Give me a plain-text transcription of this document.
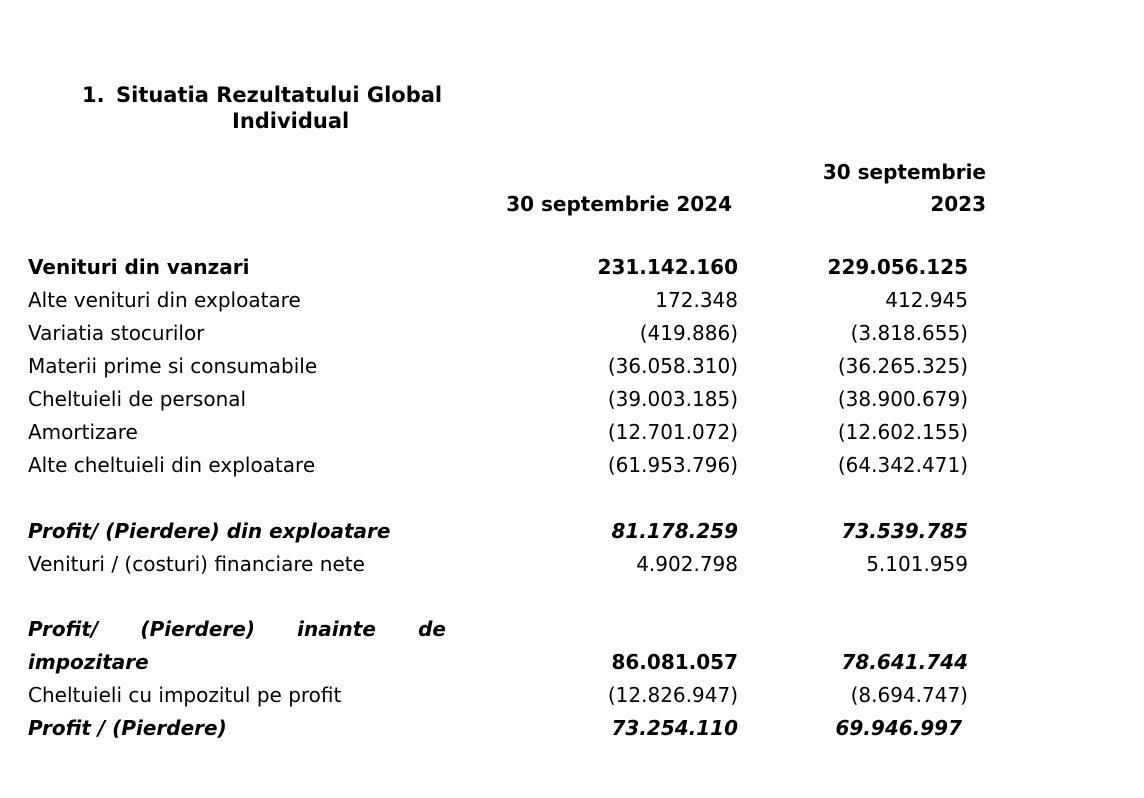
1. Situatia Rezultatului Global
Individual
30 septembrie 2024
30 septembrie
2023
Venituri din vanzari	231.142.160	229.056.125
Alte venituri din exploatare	172.348	412.945
Variatia stocurilor	(419.886)	(3.818.655)
Materii prime si consumabile	(36.058.310)	(36.265.325)
Cheltuieli de personal	(39.003.185)	(38.900.679)
Amortizare	(12.701.072)	(12.602.155)
Alte cheltuieli din exploatare	(61.953.796)	(64.342.471)
Profit/ (Pierdere) din exploatare	81.178.259	73.539.785
Venituri / (costuri) financiare nete	4.902.798	5.101.959
Profit/ (Pierdere) inainte de
impozitare	86.081.057	78.641.744
Cheltuieli cu impozitul pe profit	(12.826.947)	(8.694.747)
Profit / (Pierdere)	73.254.110	69.946.997
